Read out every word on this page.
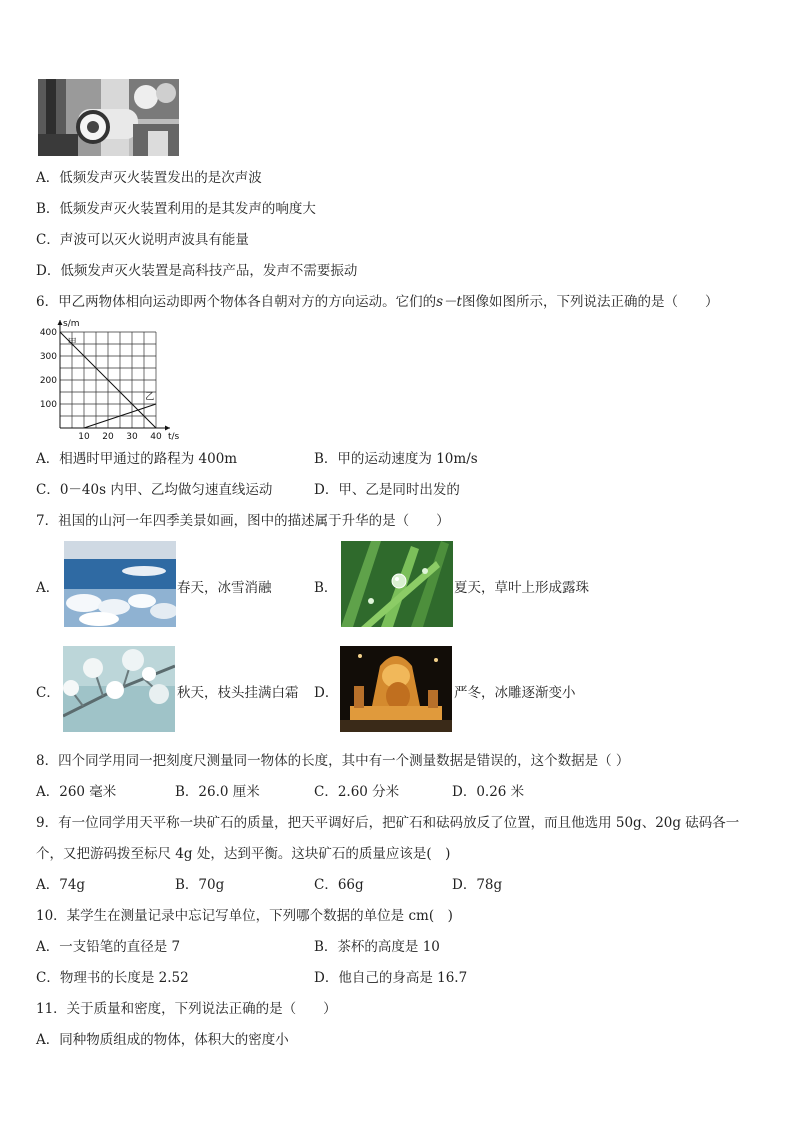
A．低频发声灭火装置发出的是次声波
B．低频发声灭火装置利用的是其发声的响度大
C．声波可以灭火说明声波具有能量
D．低频发声灭火装置是高科技产品，发声不需要振动
6．甲乙两物体相向运动即两个物体各自朝对方的方向运动。它们的s－t图像如图所示，下列说法正确的是（　　）
甲
乙
100
200
300
400
10 20 30 40
s/m
t/s
A．相遇时甲通过的路程为 400m	B．甲的运动速度为 10m/s
C．0－40s 内甲、乙均做匀速直线运动	D．甲、乙是同时出发的
7．祖国的山河一年四季美景如画，图中的描述属于升华的是（　　）
A．	春天，冰雪消融	B．	夏天，草叶上形成露珠
C．	秋天，枝头挂满白霜 D．	严冬，冰雕逐渐变小
8．四个同学用同一把刻度尺测量同一物体的长度，其中有一个测量数据是错误的，这个数据是（ ）
A．260 毫米	B．26.0 厘米	C．2.60 分米	D．0.26 米
9．有一位同学用天平称一块矿石的质量，把天平调好后，把矿石和砝码放反了位置，而且他选用 50g、20g 砝码各一
个，又把游码拨至标尺 4g 处，达到平衡。这块矿石的质量应该是(　)
A．74g	B．70g	C．66g	D．78g
10．某学生在测量记录中忘记写单位，下列哪个数据的单位是 cm(　)
A．一支铅笔的直径是 7	B．茶杯的高度是 10
C．物理书的长度是 2.52	D．他自己的身高是 16.7
11．关于质量和密度，下列说法正确的是（　　）
A．同种物质组成的物体，体积大的密度小
